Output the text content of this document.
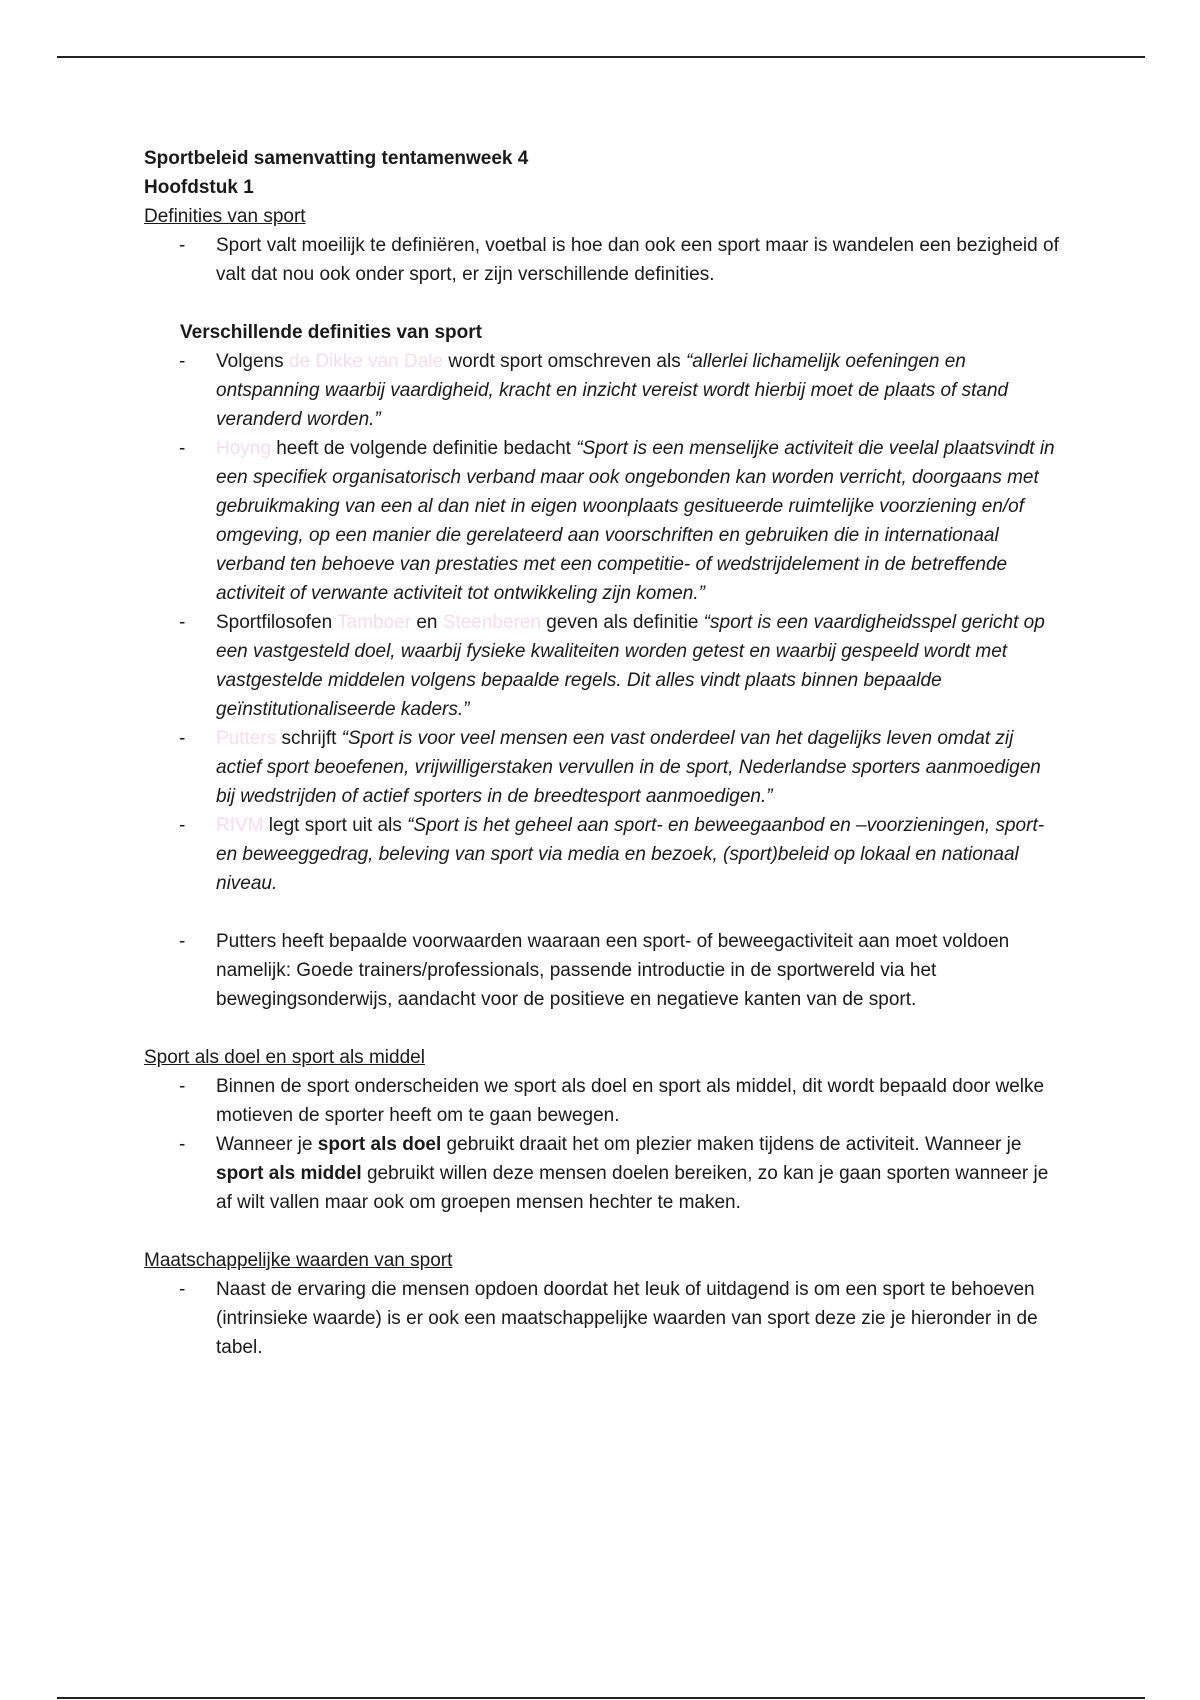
Sportbeleid samenvatting tentamenweek 4

Hoofdstuk 1

Definities van sport

- Sport valt moeilijk te definiëren, voetbal is hoe dan ook een sport maar is wandelen een bezigheid of valt dat nou ook onder sport, er zijn verschillende definities.

Verschillende definities van sport

- Volgens de Dikke van Dale wordt sport omschreven als “allerlei lichamelijk oefeningen en ontspanning waarbij vaardigheid, kracht en inzicht vereist wordt hierbij moet de plaats of stand veranderd worden.”
- Hoyng heeft de volgende definitie bedacht “Sport is een menselijke activiteit die veelal plaatsvindt in een specifiek organisatorisch verband maar ook ongebonden kan worden verricht, doorgaans met gebruikmaking van een al dan niet in eigen woonplaats gesitueerde ruimtelijke voorziening en/of omgeving, op een manier die gerelateerd aan voorschriften en gebruiken die in internationaal verband ten behoeve van prestaties met een competitie- of wedstrijdelement in de betreffende activiteit of verwante activiteit tot ontwikkeling zijn komen.”
- Sportfilosofen Tamboer en Steenberen geven als definitie “sport is een vaardigheidsspel gericht op een vastgesteld doel, waarbij fysieke kwaliteiten worden getest en waarbij gespeeld wordt met vastgestelde middelen volgens bepaalde regels. Dit alles vindt plaats binnen bepaalde geïnstitutionaliseerde kaders.”
- Putters schrijft “Sport is voor veel mensen een vast onderdeel van het dagelijks leven omdat zij actief sport beoefenen, vrijwilligerstaken vervullen in de sport, Nederlandse sporters aanmoedigen bij wedstrijden of actief sporters in de breedtesport aanmoedigen.”
- RIVM legt sport uit als “Sport is het geheel aan sport- en beweegaanbod en –voorzieningen, sport- en beweeggedrag, beleving van sport via media en bezoek, (sport)beleid op lokaal en nationaal niveau.
- Putters heeft bepaalde voorwaarden waaraan een sport- of beweegactiviteit aan moet voldoen namelijk: Goede trainers/professionals, passende introductie in de sportwereld via het bewegingsonderwijs, aandacht voor de positieve en negatieve kanten van de sport.

Sport als doel en sport als middel

- Binnen de sport onderscheiden we sport als doel en sport als middel, dit wordt bepaald door welke motieven de sporter heeft om te gaan bewegen.
- Wanneer je sport als doel gebruikt draait het om plezier maken tijdens de activiteit. Wanneer je sport als middel gebruikt willen deze mensen doelen bereiken, zo kan je gaan sporten wanneer je af wilt vallen maar ook om groepen mensen hechter te maken.

Maatschappelijke waarden van sport

- Naast de ervaring die mensen opdoen doordat het leuk of uitdagend is om een sport te behoeven (intrinsieke waarde) is er ook een maatschappelijke waarden van sport deze zie je hieronder in de tabel.
